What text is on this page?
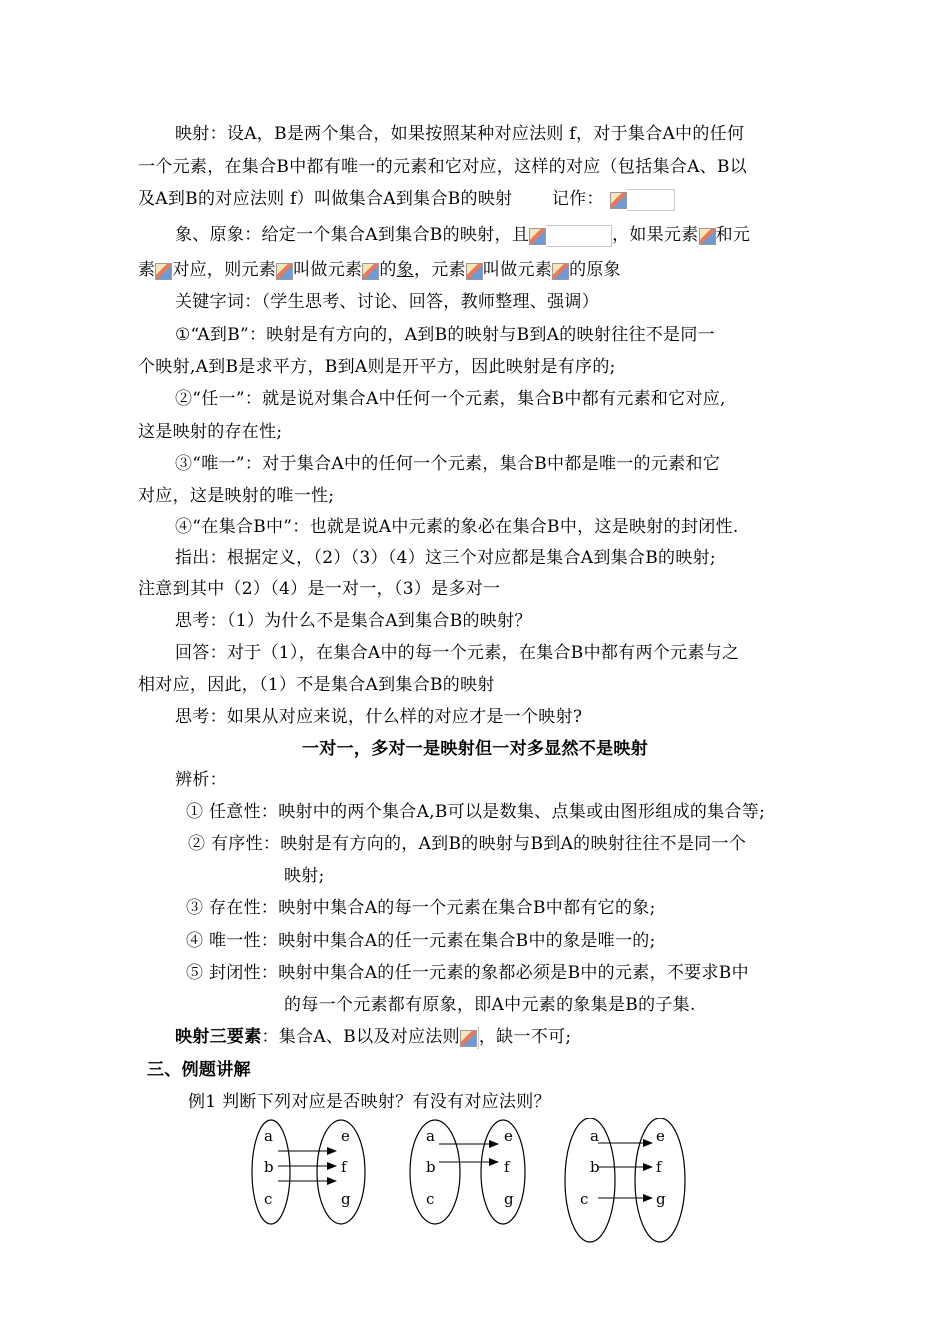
映射：设A，B是两个集合，如果按照某种对应法则 f，对于集合A中的任何
一个元素，在集合B中都有唯一的元素和它对应，这样的对应（包括集合A、B以
及A到B的对应法则 f）叫做集合A到集合B的映射 记作：
象、原象：给定一个集合A到集合B的映射，且	，如果元素 和元
素 对应，则元素 叫做元素 的象，元素 叫做元素 的原象
关键字词：（学生思考、讨论、回答，教师整理、强调）
①“A到B”：映射是有方向的，A到B的映射与B到A的映射往往不是同一
个映射,A到B是求平方，B到A则是开平方，因此映射是有序的;
②“任一”：就是说对集合A中任何一个元素，集合B中都有元素和它对应,
这是映射的存在性;
③“唯一”：对于集合A中的任何一个元素，集合B中都是唯一的元素和它
对应，这是映射的唯一性;
④“在集合B中”：也就是说A中元素的象必在集合B中，这是映射的封闭性.
指出：根据定义，（2）（3）（4）这三个对应都是集合A到集合B的映射;
注意到其中（2）（4）是一对一，（3）是多对一
思考：（1）为什么不是集合A到集合B的映射？
回答：对于（1），在集合A中的每一个元素，在集合B中都有两个元素与之
相对应，因此，（1）不是集合A到集合B的映射
思考：如果从对应来说，什么样的对应才是一个映射?
一对一，多对一是映射但一对多显然不是映射
辨析：
① 任意性：映射中的两个集合A,B可以是数集、点集或由图形组成的集合等;
② 有序性：映射是有方向的，A到B的映射与B到A的映射往往不是同一个
映射;
③ 存在性：映射中集合A的每一个元素在集合B中都有它的象;
④ 唯一性：映射中集合A的任一元素在集合B中的象是唯一的;
⑤ 封闭性：映射中集合A的任一元素的象都必须是B中的元素，不要求B中
的每一个元素都有原象，即A中元素的象集是B的子集.
映射三要素：集合A、B以及对应法则 ，缺一不可;
三、例题讲解
例1 判断下列对应是否映射？有没有对应法则？
a
b
c
e
f
g
a
b
c
e
f
g
a
b
c
e
f
g
